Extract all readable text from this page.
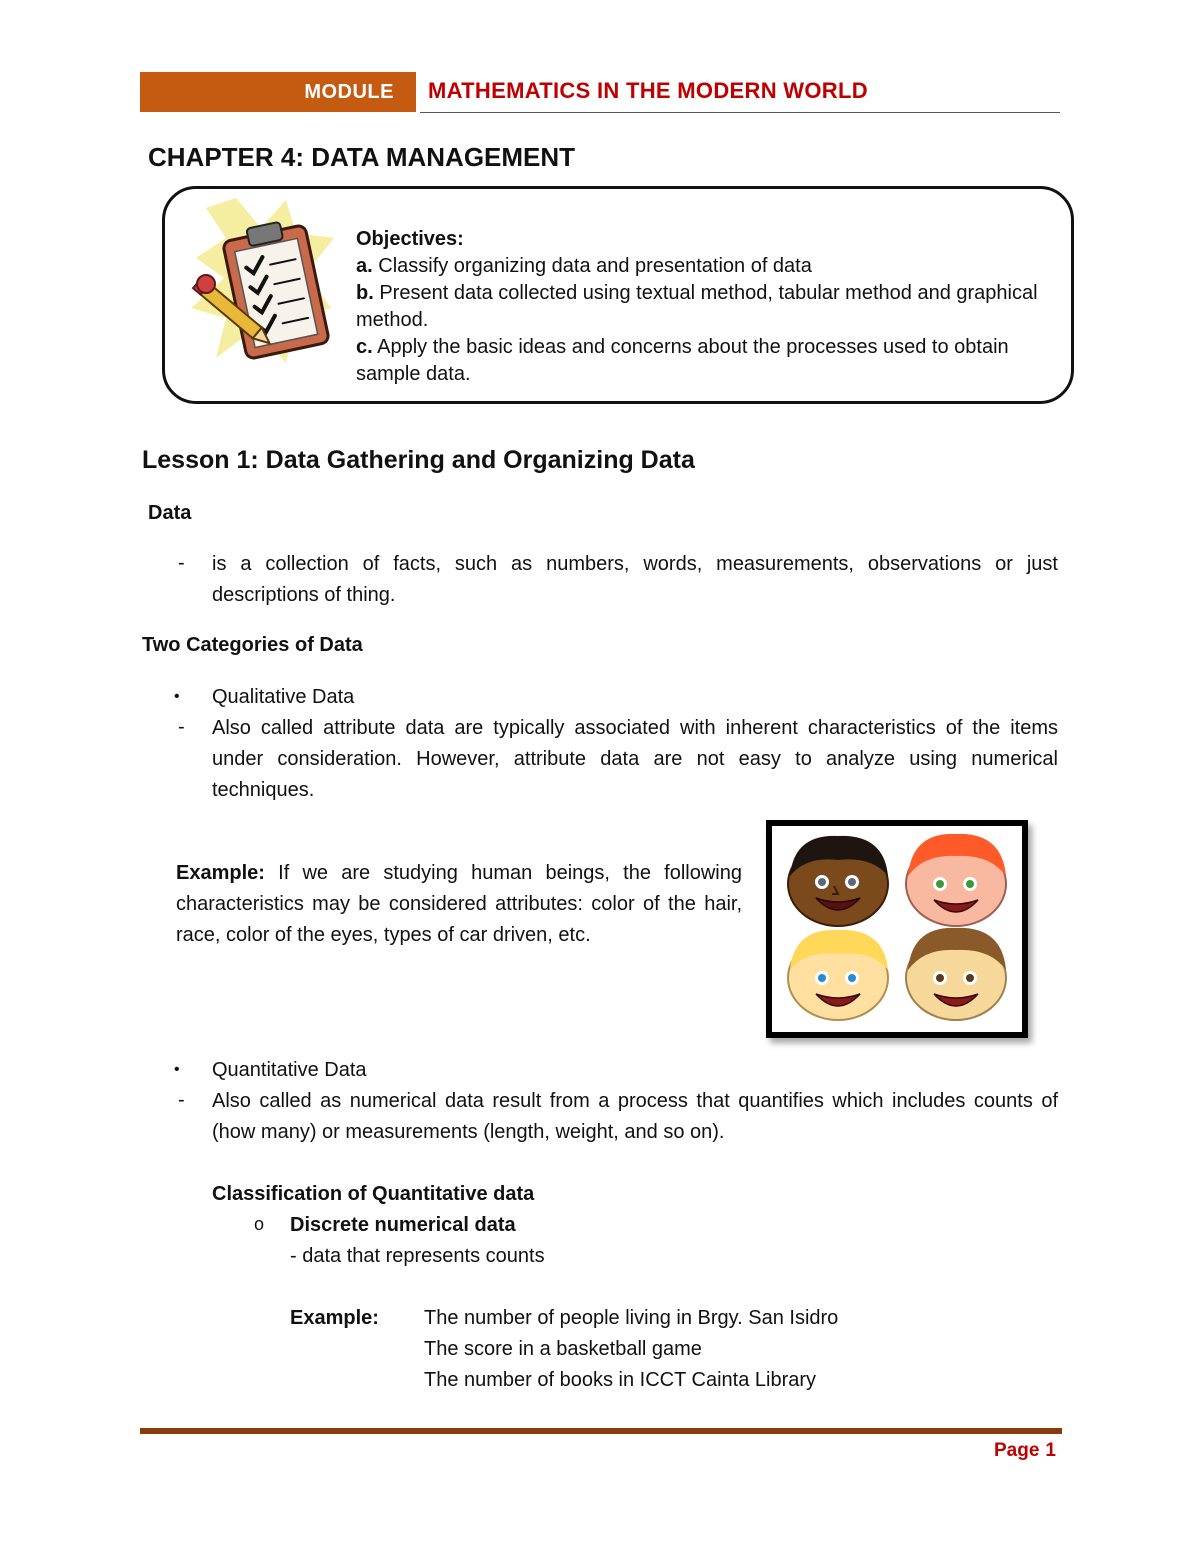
MODULE	MATHEMATICS IN THE MODERN WORLD
CHAPTER 4: DATA MANAGEMENT
Objectives:
a. Classify organizing data and presentation of data
b. Present data collected using textual method, tabular method and graphical method.
c. Apply the basic ideas and concerns about the processes used to obtain sample data.
Lesson 1: Data Gathering and Organizing Data
Data
- is a collection of facts, such as numbers, words, measurements, observations or just descriptions of thing.
Two Categories of Data
• Qualitative Data
- Also called attribute data are typically associated with inherent characteristics of the items under consideration. However, attribute data are not easy to analyze using numerical techniques.
Example: If we are studying human beings, the following characteristics may be considered attributes: color of the hair, race, color of the eyes, types of car driven, etc.
• Quantitative Data
- Also called as numerical data result from a process that quantifies which includes counts of (how many) or measurements (length, weight, and so on).
Classification of Quantitative data
o Discrete numerical data
- data that represents counts
Example: The number of people living in Brgy. San Isidro
The score in a basketball game
The number of books in ICCT Cainta Library
Page 1
